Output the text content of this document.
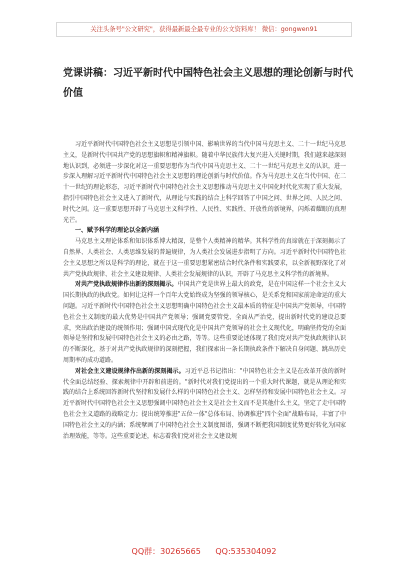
关注头条号"公文研究"，获得最新最全最专业的公文资料库！ 微信：gongwen91
党课讲稿：习近平新时代中国特色社会主义思想的理论创新与时代价值

习近平新时代中国特色社会主义思想是引领中国、影响世界的当代中国马克思主义、二十一世纪马克思主义，是新时代中国共产党的思想旗帜和精神旗帜。随着中华民族伟大复兴进入关键时期，我们越来越深刻地认识到，必须进一步深化对这一重要思想作为当代中国马克思主义、二十一世纪马克思主义的认识，进一步深入理解习近平新时代中国特色社会主义思想的理论创新与时代价值。作为马克思主义在当代中国、在二十一世纪的理论形态，习近平新时代中国特色社会主义思想推动马克思主义中国化时代化实现了重大发展，指引中国特色社会主义进入了新时代，从理论与实践的结合上科学回答了中国之问、世界之问、人民之问、时代之问。这一重要思想开辟了马克思主义科学性、人民性、实践性、开放性的新境界，闪烁着耀眼的真理光芒。

一、赋予科学的理论以全新内涵

马克思主义理论体系和知识体系博大精深，是整个人类精神的精华。其科学性的真谛就在于深刻揭示了自然界、人类社会、人类思维发展的普遍规律，为人类社会发展进步指明了方向。习近平新时代中国特色社会主义思想之所以是科学的理论，就在于这一重要思想紧密结合时代条件和实践要求，以全新视野深化了对共产党执政规律、社会主义建设规律、人类社会发展规律的认识，开辟了马克思主义科学性的新境界。

对共产党执政规律作出新的深刻揭示。中国共产党是世界上最大的政党，是在中国这样一个社会主义大国长期执政的执政党。如何让这样一个百年大党始终成为坚强的领导核心，是关系党和国家前途命运的重大问题。习近平新时代中国特色社会主义思想明确中国特色社会主义最本质的特征是中国共产党领导，中国特色社会主义制度的最大优势是中国共产党领导；强调党要管党、全面从严治党，提出新时代党的建设总要求，突出政治建设的统领作用；强调中国式现代化是中国共产党领导的社会主义现代化，明确坚持党的全面领导是坚持和发展中国特色社会主义的必由之路，等等。这些重要论述体现了我们党对共产党执政规律认识的不断深化，基于对共产党执政规律的深刻把握，我们探索出一条长期执政条件下解决自身问题、跳出历史周期率的成功道路。

对社会主义建设规律作出新的深刻揭示。习近平总书记指出："中国特色社会主义是在改革开放的新时代全面总结经验、探索规律中开辟和前进的。"新时代对我们党提出的一个重大时代课题，就是从理论和实践的结合上系统回答新时代坚持和发展什么样的中国特色社会主义、怎样坚持和发展中国特色社会主义。习近平新时代中国特色社会主义思想强调中国特色社会主义是社会主义而不是其他什么主义，坚定了走中国特色社会主义道路的战略定力；提出统筹推进"五位一体"总体布局、协调推进"四个全面"战略布局，丰富了中国特色社会主义的内涵；系统擘画了中国特色社会主义制度图谱，强调不断把我国制度优势更好转化为国家治理效能，等等。这些重要论述，标志着我们党对社会主义建设规

QQ群：30265665 QQ:535304092
